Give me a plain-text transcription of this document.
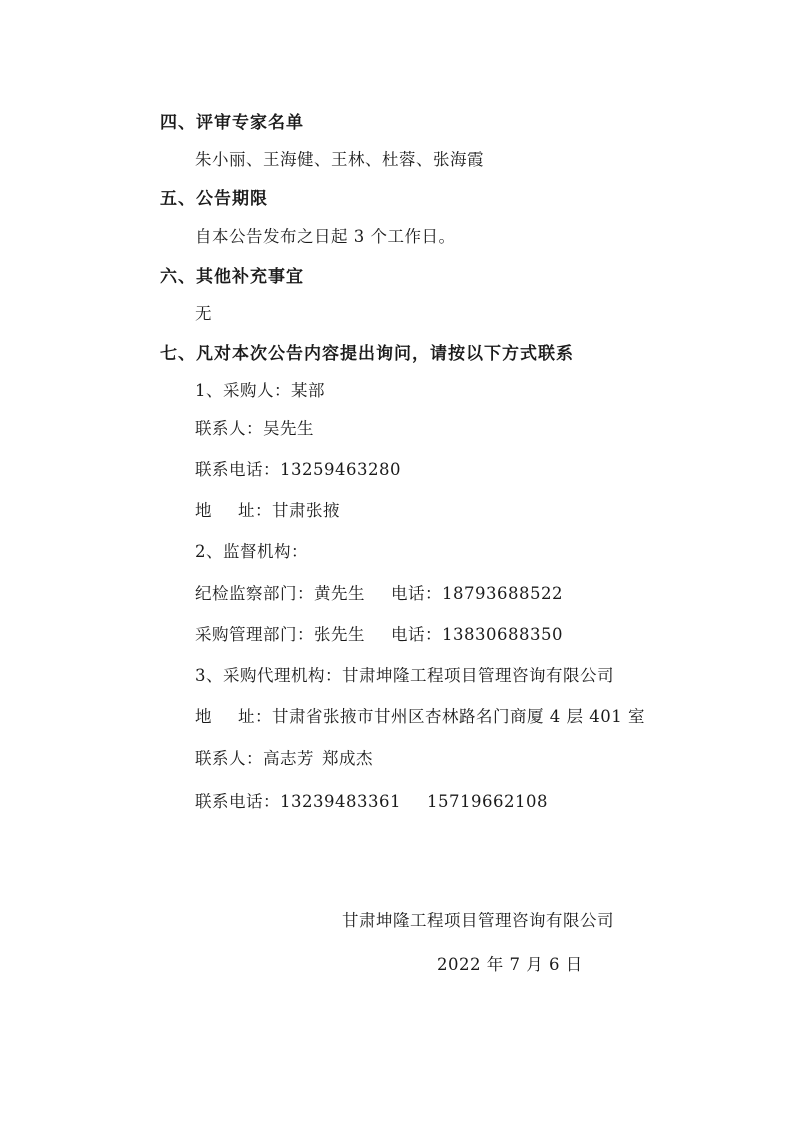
四、评审专家名单
朱小丽、王海健、王林、杜蓉、张海霞
五、公告期限
自本公告发布之日起 3 个工作日。
六、其他补充事宜
无
七、凡对本次公告内容提出询问，请按以下方式联系
1、采购人：某部
联系人：吴先生
联系电话：13259463280
地 址：甘肃张掖
2、监督机构：
纪检监察部门：黄先生 电话：18793688522
采购管理部门：张先生 电话：13830688350
3、采购代理机构：甘肃坤隆工程项目管理咨询有限公司
地 址：甘肃省张掖市甘州区杏林路名门商厦 4 层 401 室
联系人：高志芳 郑成杰
联系电话：13239483361 15719662108
甘肃坤隆工程项目管理咨询有限公司
2022 年 7 月 6 日
